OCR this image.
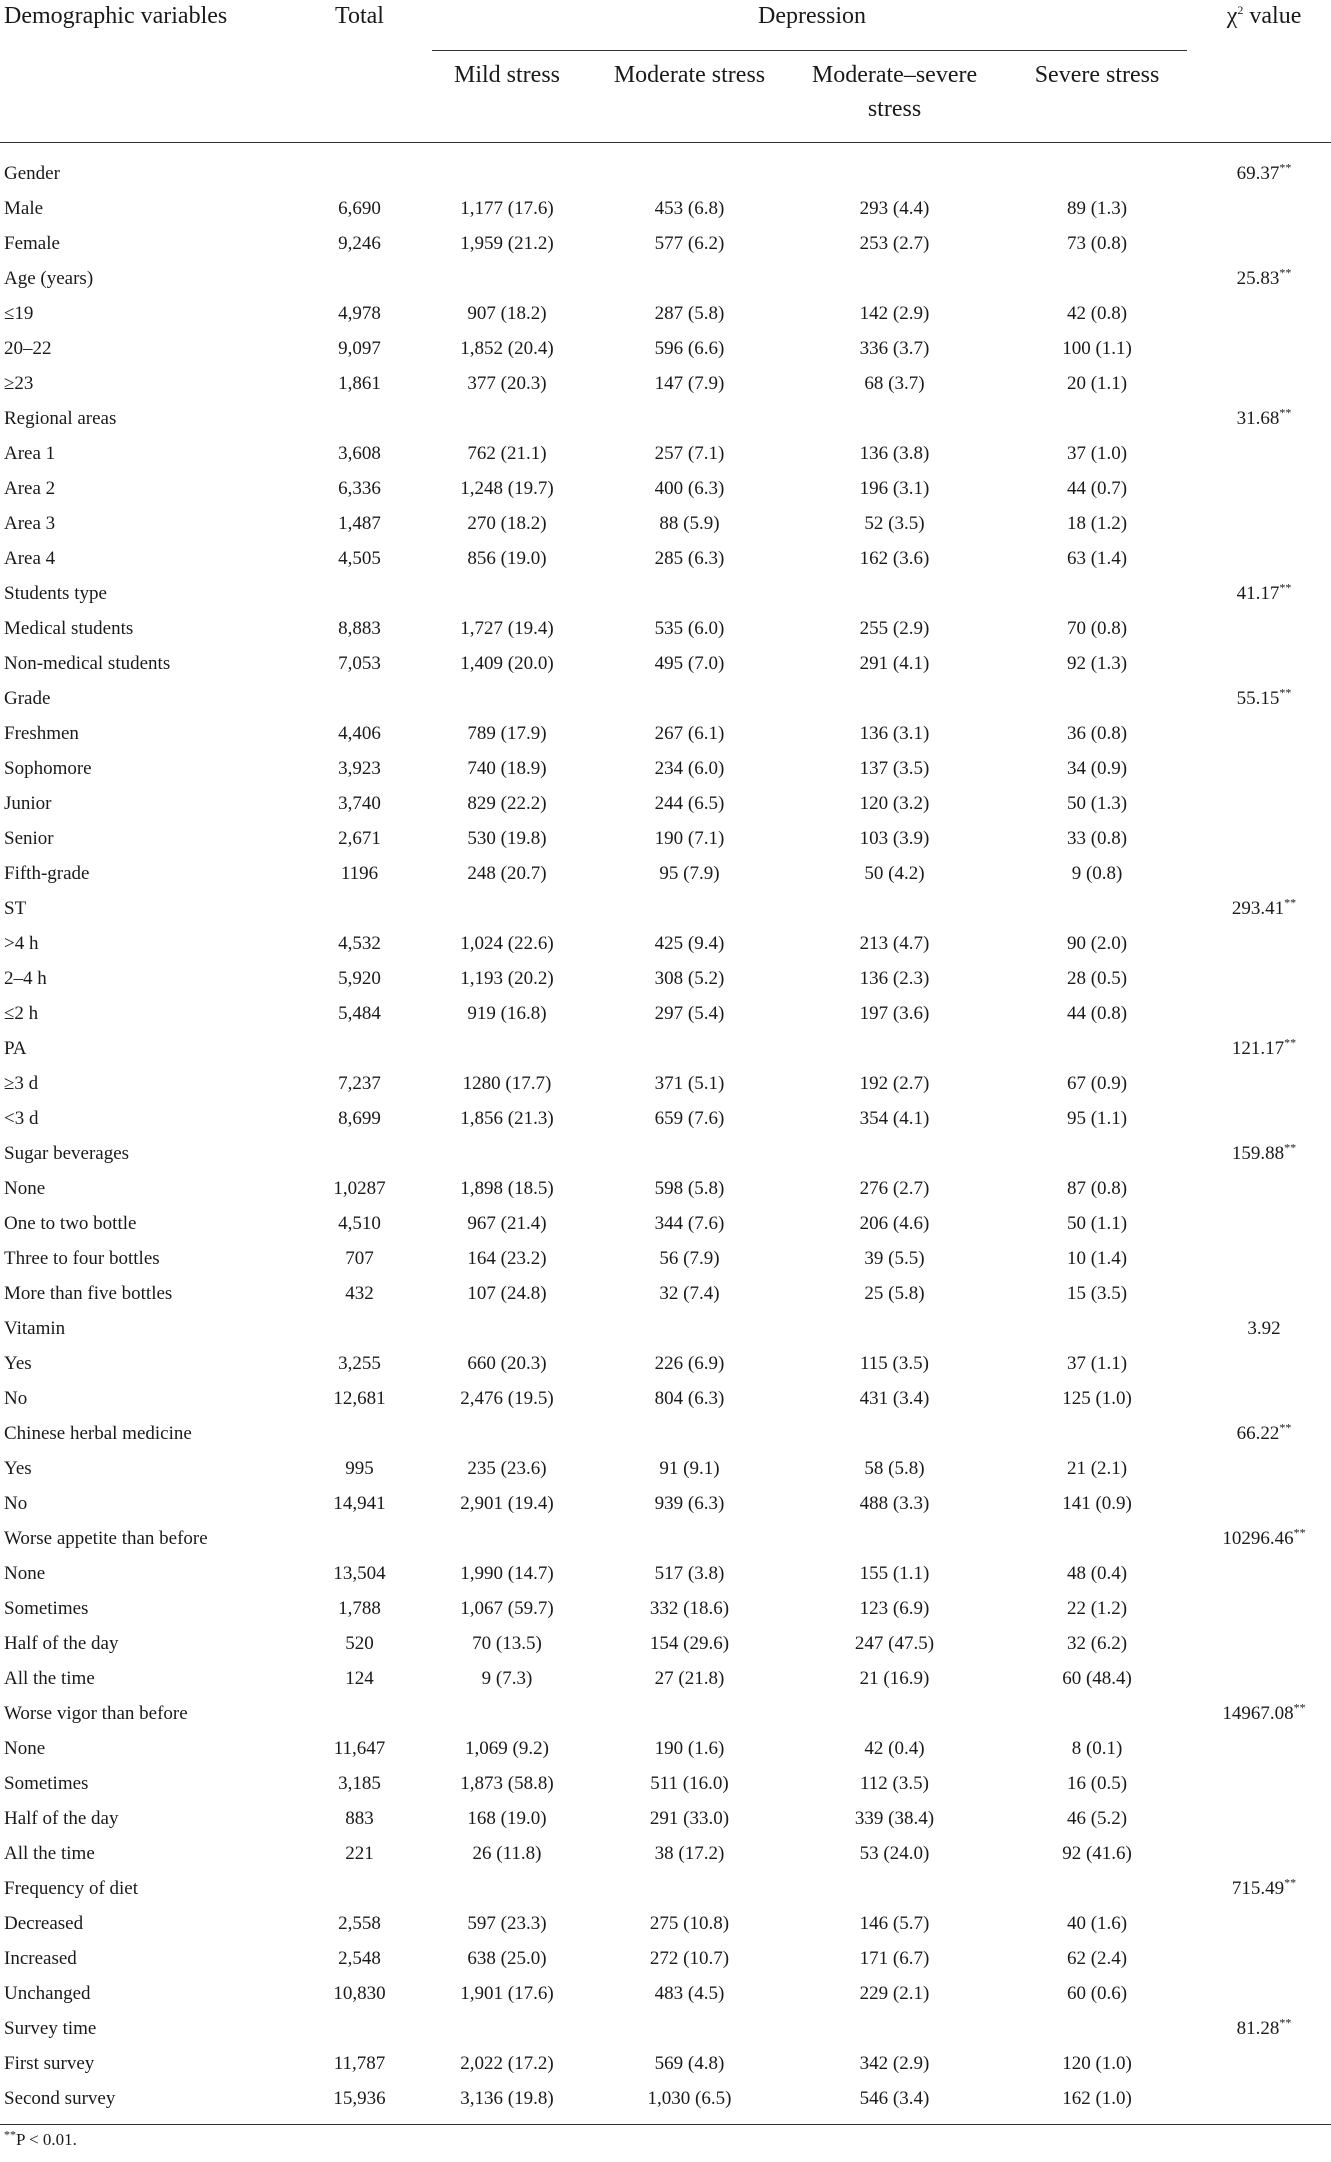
Demographic variables	Total	Depression				$\chi^2$ value
		Mild stress	Moderate stress	Moderate–severe stress	Severe stress	
Gender						69.37**
Male	6,690	1,177 (17.6)	453 (6.8)	293 (4.4)	89 (1.3)	
Female	9,246	1,959 (21.2)	577 (6.2)	253 (2.7)	73 (0.8)	
Age (years)						25.83**
≤19	4,978	907 (18.2)	287 (5.8)	142 (2.9)	42 (0.8)	
20–22	9,097	1,852 (20.4)	596 (6.6)	336 (3.7)	100 (1.1)	
≥23	1,861	377 (20.3)	147 (7.9)	68 (3.7)	20 (1.1)	
Regional areas						31.68**
Area 1	3,608	762 (21.1)	257 (7.1)	136 (3.8)	37 (1.0)	
Area 2	6,336	1,248 (19.7)	400 (6.3)	196 (3.1)	44 (0.7)	
Area 3	1,487	270 (18.2)	88 (5.9)	52 (3.5)	18 (1.2)	
Area 4	4,505	856 (19.0)	285 (6.3)	162 (3.6)	63 (1.4)	
Students type						41.17**
Medical students	8,883	1,727 (19.4)	535 (6.0)	255 (2.9)	70 (0.8)	
Non-medical students	7,053	1,409 (20.0)	495 (7.0)	291 (4.1)	92 (1.3)	
Grade						55.15**
Freshmen	4,406	789 (17.9)	267 (6.1)	136 (3.1)	36 (0.8)	
Sophomore	3,923	740 (18.9)	234 (6.0)	137 (3.5)	34 (0.9)	
Junior	3,740	829 (22.2)	244 (6.5)	120 (3.2)	50 (1.3)	
Senior	2,671	530 (19.8)	190 (7.1)	103 (3.9)	33 (0.8)	
Fifth-grade	1196	248 (20.7)	95 (7.9)	50 (4.2)	9 (0.8)	
ST						293.41**
>4 h	4,532	1,024 (22.6)	425 (9.4)	213 (4.7)	90 (2.0)	
2–4 h	5,920	1,193 (20.2)	308 (5.2)	136 (2.3)	28 (0.5)	
≤2 h	5,484	919 (16.8)	297 (5.4)	197 (3.6)	44 (0.8)	
PA						121.17**
≥3 d	7,237	1280 (17.7)	371 (5.1)	192 (2.7)	67 (0.9)	
<3 d	8,699	1,856 (21.3)	659 (7.6)	354 (4.1)	95 (1.1)	
Sugar beverages						159.88**
None	1,0287	1,898 (18.5)	598 (5.8)	276 (2.7)	87 (0.8)	
One to two bottle	4,510	967 (21.4)	344 (7.6)	206 (4.6)	50 (1.1)	
Three to four bottles	707	164 (23.2)	56 (7.9)	39 (5.5)	10 (1.4)	
More than five bottles	432	107 (24.8)	32 (7.4)	25 (5.8)	15 (3.5)	
Vitamin						3.92
Yes	3,255	660 (20.3)	226 (6.9)	115 (3.5)	37 (1.1)	
No	12,681	2,476 (19.5)	804 (6.3)	431 (3.4)	125 (1.0)	
Chinese herbal medicine						66.22**
Yes	995	235 (23.6)	91 (9.1)	58 (5.8)	21 (2.1)	
No	14,941	2,901 (19.4)	939 (6.3)	488 (3.3)	141 (0.9)	
Worse appetite than before						10296.46**
None	13,504	1,990 (14.7)	517 (3.8)	155 (1.1)	48 (0.4)	
Sometimes	1,788	1,067 (59.7)	332 (18.6)	123 (6.9)	22 (1.2)	
Half of the day	520	70 (13.5)	154 (29.6)	247 (47.5)	32 (6.2)	
All the time	124	9 (7.3)	27 (21.8)	21 (16.9)	60 (48.4)	
Worse vigor than before						14967.08**
None	11,647	1,069 (9.2)	190 (1.6)	42 (0.4)	8 (0.1)	
Sometimes	3,185	1,873 (58.8)	511 (16.0)	112 (3.5)	16 (0.5)	
Half of the day	883	168 (19.0)	291 (33.0)	339 (38.4)	46 (5.2)	
All the time	221	26 (11.8)	38 (17.2)	53 (24.0)	92 (41.6)	
Frequency of diet						715.49**
Decreased	2,558	597 (23.3)	275 (10.8)	146 (5.7)	40 (1.6)	
Increased	2,548	638 (25.0)	272 (10.7)	171 (6.7)	62 (2.4)	
Unchanged	10,830	1,901 (17.6)	483 (4.5)	229 (2.1)	60 (0.6)	
Survey time						81.28**
First survey	11,787	2,022 (17.2)	569 (4.8)	342 (2.9)	120 (1.0)	
Second survey	15,936	3,136 (19.8)	1,030 (6.5)	546 (3.4)	162 (1.0)	
**P < 0.01.
